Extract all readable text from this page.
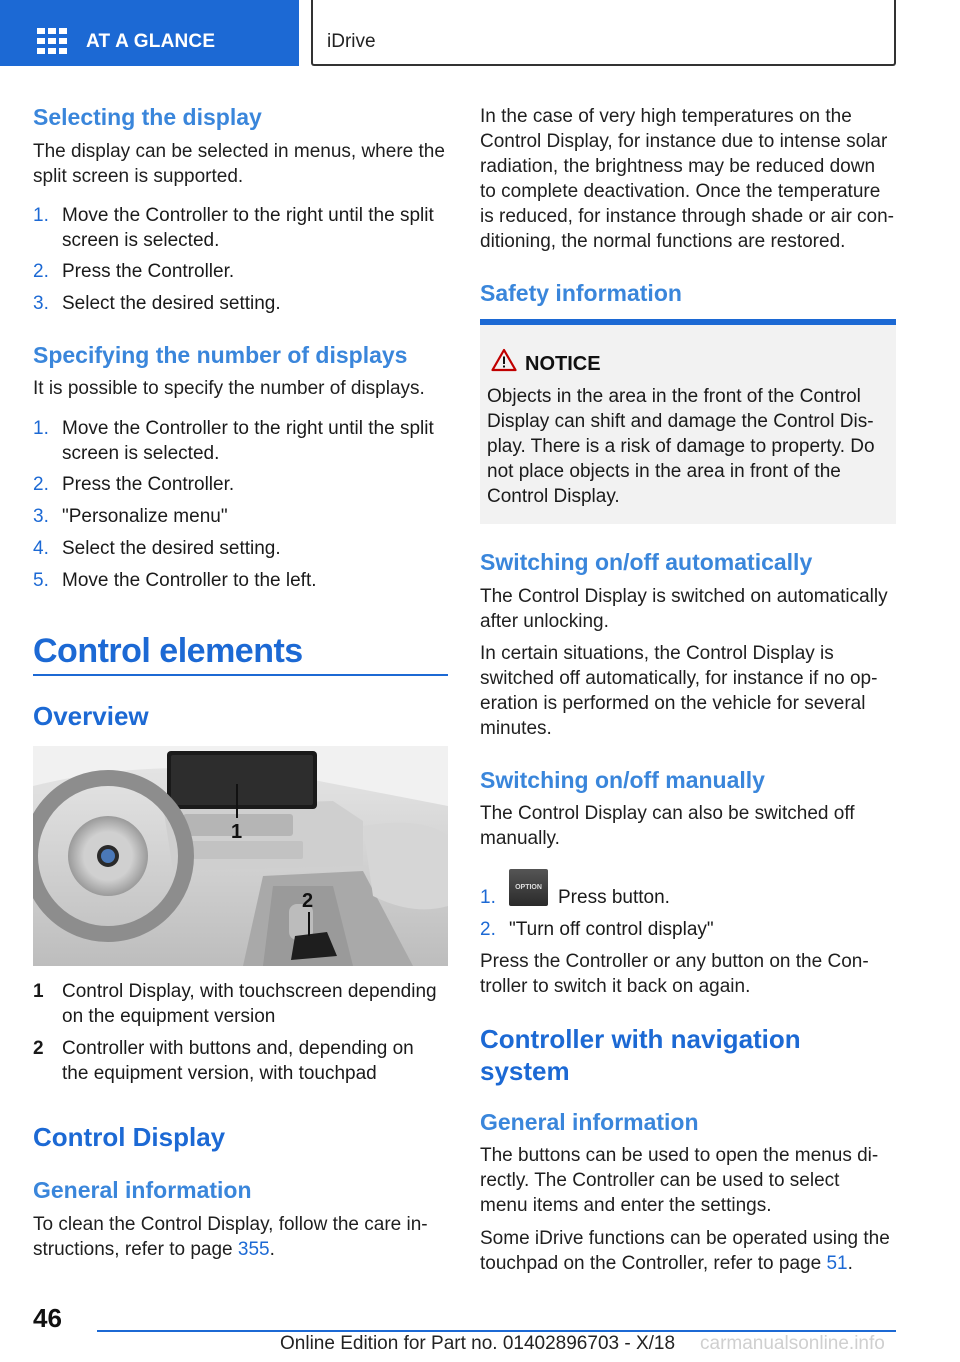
AT A GLANCE	iDrive
Selecting the display
The display can be selected in menus, where the
split screen is supported.
1. Move the Controller to the right until the split
screen is selected.
2. Press the Controller.
3. Select the desired setting.
Specifying the number of displays
It is possible to specify the number of displays.
1. Move the Controller to the right until the split
screen is selected.
2. Press the Controller.
3. "Personalize menu"
4. Select the desired setting.
5. Move the Controller to the left.
Control elements
Overview
1
2
1 Control Display, with touchscreen depending
on the equipment version
2 Controller with buttons and, depending on
the equipment version, with touchpad
Control Display
General information
To clean the Control Display, follow the care in-
structions, refer to page 355.
In the case of very high temperatures on the
Control Display, for instance due to intense solar
radiation, the brightness may be reduced down
to complete deactivation. Once the temperature
is reduced, for instance through shade or air con-
ditioning, the normal functions are restored.
Safety information
NOTICE
Objects in the area in the front of the Control
Display can shift and damage the Control Dis-
play. There is a risk of damage to property. Do
not place objects in the area in front of the
Control Display.
Switching on/off automatically
The Control Display is switched on automatically
after unlocking.
In certain situations, the Control Display is
switched off automatically, for instance if no op-
eration is performed on the vehicle for several
minutes.
Switching on/off manually
The Control Display can also be switched off
manually.
1.	Press button.
OPTION
2. "Turn off control display"
Press the Controller or any button on the Con-
troller to switch it back on again.
Controller with navigation
system
General information
The buttons can be used to open the menus di-
rectly. The Controller can be used to select
menu items and enter the settings.
Some iDrive functions can be operated using the
touchpad on the Controller, refer to page 51.
46
Online Edition for Part no. 01402896703 - X/18 carmanualsonline.info
